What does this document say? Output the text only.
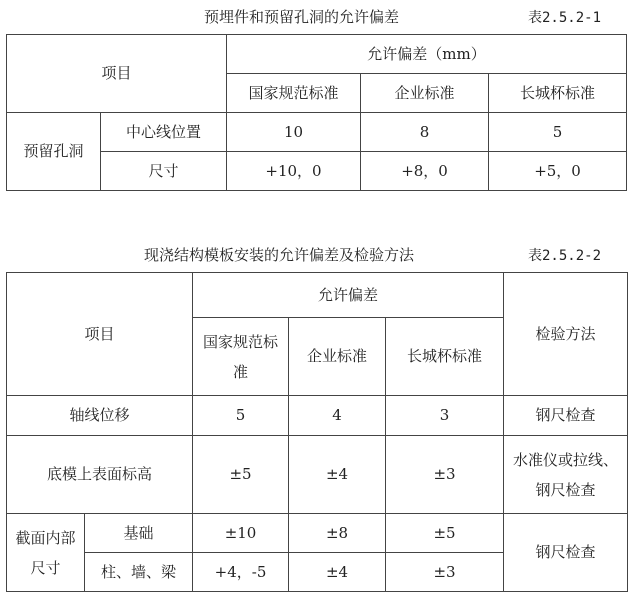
预埋件和预留孔洞的允许偏差	表2.5.2-1
项目		允许偏差（mm）		
		国家规范标准	企业标准	长城杯标准
预留孔洞	中心线位置	10	8	5
	尺寸	+10，0	+8，0	+5，0
现浇结构模板安装的允许偏差及检验方法	表2.5.2-2
项目		允许偏差			检验方法
		国家规范标准	企业标准	长城杯标准	
轴线位移		5	4	3	钢尺检查
底模上表面标高		±5	±4	±3	水准仪或拉线、钢尺检查
截面内部尺寸	基础	±10	±8	±5	钢尺检查
	柱、墙、梁	+4，-5	±4	±3	
